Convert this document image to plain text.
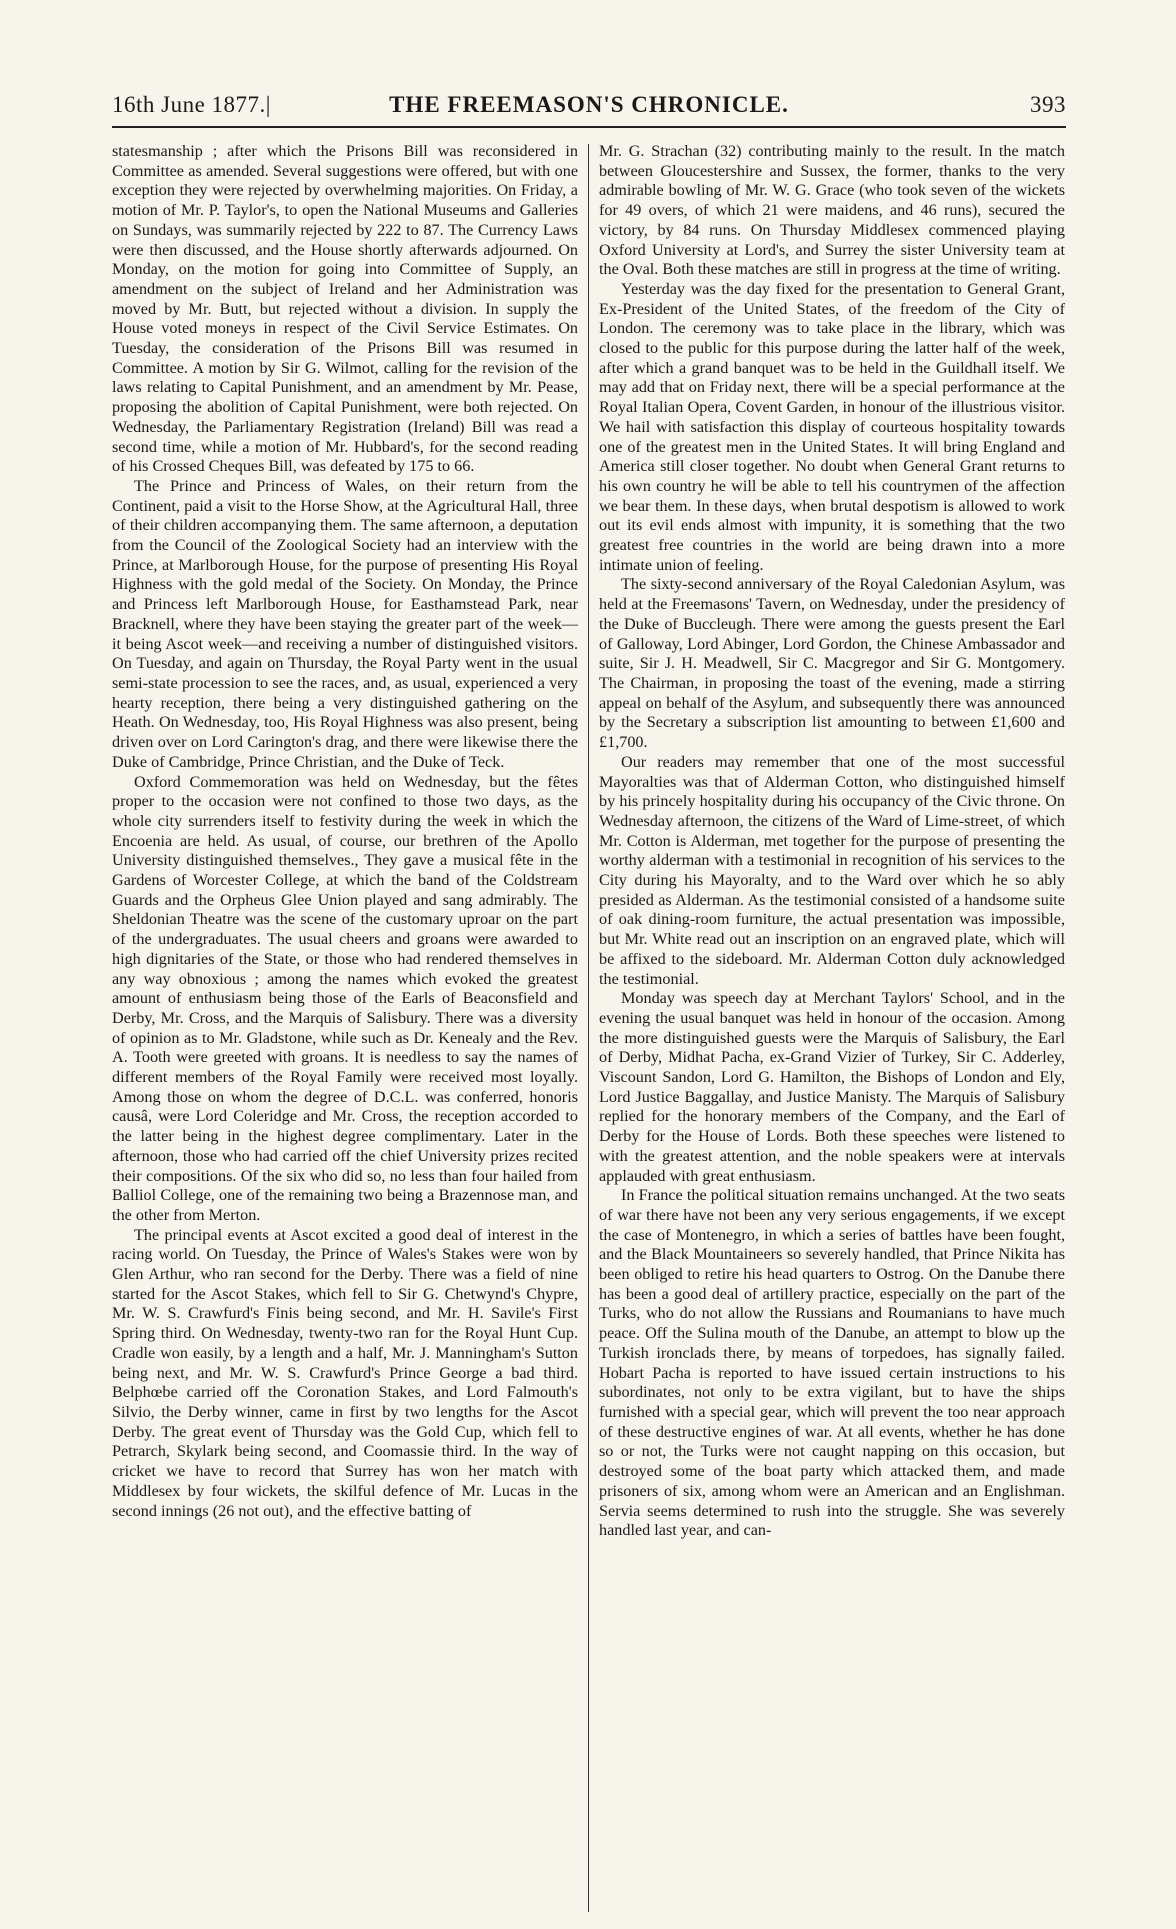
16th June 1877.|	THE FREEMASON'S CHRONICLE.	393

statesmanship ; after which the Prisons Bill was reconsidered in Committee as amended. Several suggestions were offered, but with one exception they were rejected by overwhelming majorities. On Friday, a motion of Mr. P. Taylor's, to open the National Museums and Galleries on Sundays, was summarily rejected by 222 to 87. The Currency Laws were then discussed, and the House shortly afterwards adjourned. On Monday, on the motion for going into Committee of Supply, an amendment on the subject of Ireland and her Administration was moved by Mr. Butt, but rejected without a division. In supply the House voted moneys in respect of the Civil Service Estimates. On Tuesday, the consideration of the Prisons Bill was resumed in Committee. A motion by Sir G. Wilmot, calling for the revision of the laws relating to Capital Punishment, and an amendment by Mr. Pease, proposing the abolition of Capital Punishment, were both rejected. On Wednesday, the Parliamentary Registration (Ireland) Bill was read a second time, while a motion of Mr. Hubbard's, for the second reading of his Crossed Cheques Bill, was defeated by 175 to 66.

The Prince and Princess of Wales, on their return from the Continent, paid a visit to the Horse Show, at the Agricultural Hall, three of their children accompanying them. The same afternoon, a deputation from the Council of the Zoological Society had an interview with the Prince, at Marlborough House, for the purpose of presenting His Royal Highness with the gold medal of the Society. On Monday, the Prince and Princess left Marlborough House, for Easthamstead Park, near Bracknell, where they have been staying the greater part of the week—it being Ascot week—and receiving a number of distinguished visitors. On Tuesday, and again on Thursday, the Royal Party went in the usual semi-state procession to see the races, and, as usual, experienced a very hearty reception, there being a very distinguished gathering on the Heath. On Wednesday, too, His Royal Highness was also present, being driven over on Lord Carington's drag, and there were likewise there the Duke of Cambridge, Prince Christian, and the Duke of Teck.

Oxford Commemoration was held on Wednesday, but the fêtes proper to the occasion were not confined to those two days, as the whole city surrenders itself to festivity during the week in which the Encoenia are held. As usual, of course, our brethren of the Apollo University distinguished themselves., They gave a musical fête in the Gardens of Worcester College, at which the band of the Coldstream Guards and the Orpheus Glee Union played and sang admirably. The Sheldonian Theatre was the scene of the customary uproar on the part of the undergraduates. The usual cheers and groans were awarded to high dignitaries of the State, or those who had rendered themselves in any way obnoxious ; among the names which evoked the greatest amount of enthusiasm being those of the Earls of Beaconsfield and Derby, Mr. Cross, and the Marquis of Salisbury. There was a diversity of opinion as to Mr. Gladstone, while such as Dr. Kenealy and the Rev. A. Tooth were greeted with groans. It is needless to say the names of different members of the Royal Family were received most loyally. Among those on whom the degree of D.C.L. was conferred, honoris causâ, were Lord Coleridge and Mr. Cross, the reception accorded to the latter being in the highest degree complimentary. Later in the afternoon, those who had carried off the chief University prizes recited their compositions. Of the six who did so, no less than four hailed from Balliol College, one of the remaining two being a Brazennose man, and the other from Merton.

The principal events at Ascot excited a good deal of interest in the racing world. On Tuesday, the Prince of Wales's Stakes were won by Glen Arthur, who ran second for the Derby. There was a field of nine started for the Ascot Stakes, which fell to Sir G. Chetwynd's Chypre, Mr. W. S. Crawfurd's Finis being second, and Mr. H. Savile's First Spring third. On Wednesday, twenty-two ran for the Royal Hunt Cup. Cradle won easily, by a length and a half, Mr. J. Manningham's Sutton being next, and Mr. W. S. Crawfurd's Prince George a bad third. Belphœbe carried off the Coronation Stakes, and Lord Falmouth's Silvio, the Derby winner, came in first by two lengths for the Ascot Derby. The great event of Thursday was the Gold Cup, which fell to Petrarch, Skylark being second, and Coomassie third. In the way of cricket we have to record that Surrey has won her match with Middlesex by four wickets, the skilful defence of Mr. Lucas in the second innings (26 not out), and the effective batting of

Mr. G. Strachan (32) contributing mainly to the result. In the match between Gloucestershire and Sussex, the former, thanks to the very admirable bowling of Mr. W. G. Grace (who took seven of the wickets for 49 overs, of which 21 were maidens, and 46 runs), secured the victory, by 84 runs. On Thursday Middlesex commenced playing Oxford University at Lord's, and Surrey the sister University team at the Oval. Both these matches are still in progress at the time of writing.

Yesterday was the day fixed for the presentation to General Grant, Ex-President of the United States, of the freedom of the City of London. The ceremony was to take place in the library, which was closed to the public for this purpose during the latter half of the week, after which a grand banquet was to be held in the Guildhall itself. We may add that on Friday next, there will be a special performance at the Royal Italian Opera, Covent Garden, in honour of the illustrious visitor. We hail with satisfaction this display of courteous hospitality towards one of the greatest men in the United States. It will bring England and America still closer together. No doubt when General Grant returns to his own country he will be able to tell his countrymen of the affection we bear them. In these days, when brutal despotism is allowed to work out its evil ends almost with impunity, it is something that the two greatest free countries in the world are being drawn into a more intimate union of feeling.

The sixty-second anniversary of the Royal Caledonian Asylum, was held at the Freemasons' Tavern, on Wednesday, under the presidency of the Duke of Buccleugh. There were among the guests present the Earl of Galloway, Lord Abinger, Lord Gordon, the Chinese Ambassador and suite, Sir J. H. Meadwell, Sir C. Macgregor and Sir G. Montgomery. The Chairman, in proposing the toast of the evening, made a stirring appeal on behalf of the Asylum, and subsequently there was announced by the Secretary a subscription list amounting to between £1,600 and £1,700.

Our readers may remember that one of the most successful Mayoralties was that of Alderman Cotton, who distinguished himself by his princely hospitality during his occupancy of the Civic throne. On Wednesday afternoon, the citizens of the Ward of Lime-street, of which Mr. Cotton is Alderman, met together for the purpose of presenting the worthy alderman with a testimonial in recognition of his services to the City during his Mayoralty, and to the Ward over which he so ably presided as Alderman. As the testimonial consisted of a handsome suite of oak dining-room furniture, the actual presentation was impossible, but Mr. White read out an inscription on an engraved plate, which will be affixed to the sideboard. Mr. Alderman Cotton duly acknowledged the testimonial.

Monday was speech day at Merchant Taylors' School, and in the evening the usual banquet was held in honour of the occasion. Among the more distinguished guests were the Marquis of Salisbury, the Earl of Derby, Midhat Pacha, ex-Grand Vizier of Turkey, Sir C. Adderley, Viscount Sandon, Lord G. Hamilton, the Bishops of London and Ely, Lord Justice Baggallay, and Justice Manisty. The Marquis of Salisbury replied for the honorary members of the Company, and the Earl of Derby for the House of Lords. Both these speeches were listened to with the greatest attention, and the noble speakers were at intervals applauded with great enthusiasm.

In France the political situation remains unchanged. At the two seats of war there have not been any very serious engagements, if we except the case of Montenegro, in which a series of battles have been fought, and the Black Mountaineers so severely handled, that Prince Nikita has been obliged to retire his head quarters to Ostrog. On the Danube there has been a good deal of artillery practice, especially on the part of the Turks, who do not allow the Russians and Roumanians to have much peace. Off the Sulina mouth of the Danube, an attempt to blow up the Turkish ironclads there, by means of torpedoes, has signally failed. Hobart Pacha is reported to have issued certain instructions to his subordinates, not only to be extra vigilant, but to have the ships furnished with a special gear, which will prevent the too near approach of these destructive engines of war. At all events, whether he has done so or not, the Turks were not caught napping on this occasion, but destroyed some of the boat party which attacked them, and made prisoners of six, among whom were an American and an Englishman. Servia seems determined to rush into the struggle. She was severely handled last year, and can-
